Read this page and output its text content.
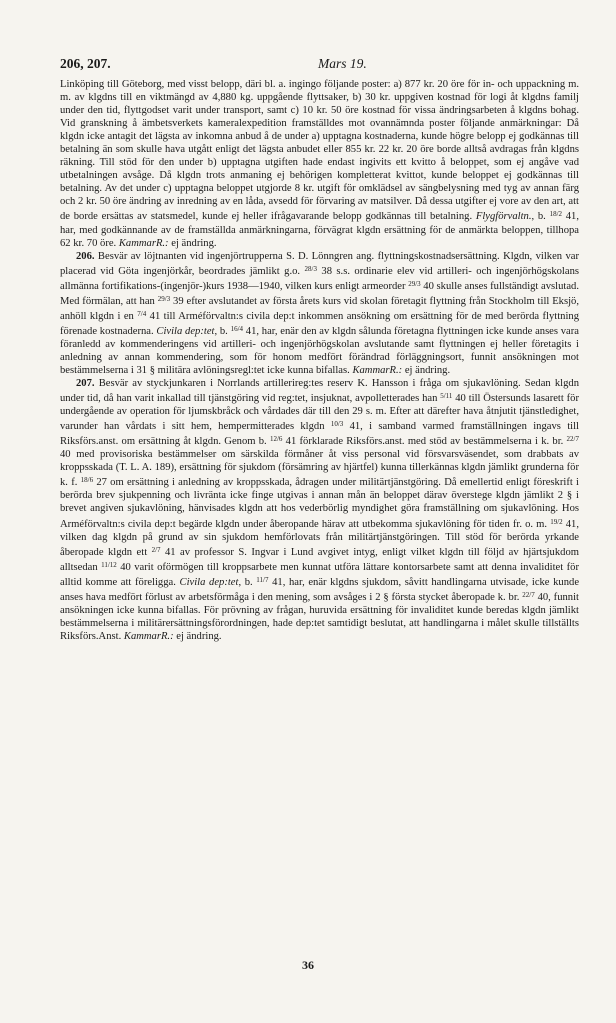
206, 207.	Mars 19.

Linköping till Göteborg, med visst belopp, däri bl. a. ingingo följande poster: a) 877 kr. 20 öre för in- och uppackning m. m. av klgdns till en viktmängd av 4,880 kg. uppgående flyttsaker, b) 30 kr. uppgiven kostnad för logi åt klgdns familj under den tid, flyttgodset varit under transport, samt c) 10 kr. 50 öre kostnad för vissa ändringsarbeten å klgdns bohag. Vid granskning å ämbetsverkets kameralexpedition framställdes mot ovannämnda poster följande anmärkningar: Då klgdn icke antagit det lägsta av inkomna anbud å de under a) upptagna kostnaderna, kunde högre belopp ej godkännas till betalning än som skulle hava utgått enligt det lägsta anbudet eller 855 kr. 22 kr. 20 öre borde alltså avdragas från klgdns räkning. Till stöd för den under b) upptagna utgiften hade endast ingivits ett kvitto å beloppet, som ej angåve vad utbetalningen avsåge. Då klgdn trots anmaning ej behörigen kompletterat kvittot, kunde beloppet ej godkännas till betalning. Av det under c) upptagna beloppet utgjorde 8 kr. utgift för omklädsel av sängbelysning med tyg av annan färg och 2 kr. 50 öre ändring av inredning av en låda, avsedd för förvaring av matsilver. Då dessa utgifter ej vore av den art, att de borde ersättas av statsmedel, kunde ej heller ifrågavarande belopp godkännas till betalning. Flygförvaltn., b. $^{18/2}$ 41, har, med godkännande av de framställda anmärkningarna, förvägrat klgdn ersättning för de anmärkta beloppen, tillhopa 62 kr. 70 öre. KammarR.: ej ändring.

206. Besvär av löjtnanten vid ingenjörtrupperna S. D. Lönngren ang. flyttningskostnadsersättning. Klgdn, vilken var placerad vid Göta ingenjörkår, beordrades jämlikt g.o. $^{28/3}$ 38 s.s. ordinarie elev vid artilleri- och ingenjörhögskolans allmänna fortifikations-(ingenjör-)kurs 1938—1940, vilken kurs enligt armeorder $^{29/3}$ 40 skulle anses fullständigt avslutad. Med förmälan, att han $^{29/3}$ 39 efter avslutandet av första årets kurs vid skolan företagit flyttning från Stockholm till Eksjö, anhöll klgdn i en $^{7/4}$ 41 till Arméförvaltn:s civila dep:t inkommen ansökning om ersättning för de med berörda flyttning förenade kostnaderna. Civila dep:tet, b. $^{16/4}$ 41, har, enär den av klgdn sålunda företagna flyttningen icke kunde anses vara föranledd av kommenderingens vid artilleri- och ingenjörhögskolan avslutande samt flyttningen ej heller företagits i anledning av annan kommendering, som för honom medfört förändrad förläggningsort, funnit ansökningen mot bestämmelserna i 31 § militära avlöningsregl:tet icke kunna bifallas. KammarR.: ej ändring.

207. Besvär av styckjunkaren i Norrlands artillerireg:tes reserv K. Hansson i fråga om sjukavlöning. Sedan klgdn under tid, då han varit inkallad till tjänstgöring vid reg:tet, insjuknat, avpolletterades han $^{5/11}$ 40 till Östersunds lasarett för undergående av operation för ljumskbråck och vårdades där till den 29 s. m. Efter att därefter hava åtnjutit tjänstledighet, varunder han vårdats i sitt hem, hempermitterades klgdn $^{10/3}$ 41, i samband varmed framställningen ingavs till Riksförs.anst. om ersättning åt klgdn. Genom b. $^{12/6}$ 41 förklarade Riksförs.anst. med stöd av bestämmelserna i k. br. $^{22/7}$ 40 med provisoriska bestämmelser om särskilda förmåner åt viss personal vid försvarsväsendet, som drabbats av kroppsskada (T. L. A. 189), ersättning för sjukdom (försämring av hjärtfel) kunna tillerkännas klgdn jämlikt grunderna för k. f. $^{18/6}$ 27 om ersättning i anledning av kroppsskada, ådragen under militärtjänstgöring. Då emellertid enligt föreskrift i berörda brev sjukpenning och livränta icke finge utgivas i annan mån än beloppet därav överstege klgdn jämlikt 2 § i brevet angiven sjukavlöning, hänvisades klgdn att hos vederbörlig myndighet göra framställning om sjukavlöning. Hos Arméförvaltn:s civila dep:t begärde klgdn under åberopande härav att utbekomma sjukavlöning för tiden fr. o. m. $^{19/2}$ 41, vilken dag klgdn på grund av sin sjukdom hemförlovats från militärtjänstgöringen. Till stöd för berörda yrkande åberopade klgdn ett $^{2/7}$ 41 av professor S. Ingvar i Lund avgivet intyg, enligt vilket klgdn till följd av hjärtsjukdom alltsedan $^{11/12}$ 40 varit oförmögen till kroppsarbete men kunnat utföra lättare kontorsarbete samt att denna invaliditet för alltid komme att föreligga. Civila dep:tet, b. $^{11/7}$ 41, har, enär klgdns sjukdom, såvitt handlingarna utvisade, icke kunde anses hava medfört förlust av arbetsförmåga i den mening, som avsåges i 2 § första stycket åberopade k. br. $^{22/7}$ 40, funnit ansökningen icke kunna bifallas. För prövning av frågan, huruvida ersättning för invaliditet kunde beredas klgdn jämlikt bestämmelserna i militärersättningsförordningen, hade dep:tet samtidigt beslutat, att handlingarna i målet skulle tillställts Riksförs.Anst. KammarR.: ej ändring.

36
